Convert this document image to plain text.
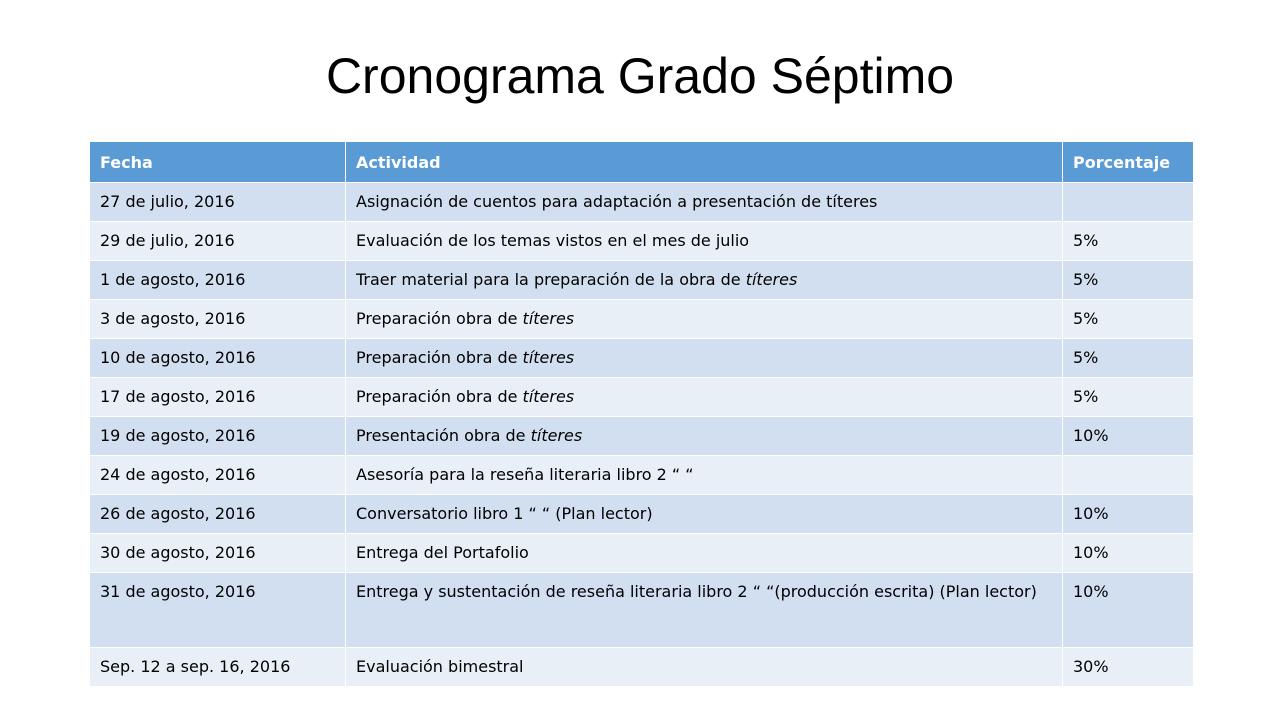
Cronograma Grado Séptimo
Fecha	Actividad	Porcentaje
27 de julio, 2016	Asignación de cuentos para adaptación a presentación de títeres	
29 de julio, 2016	Evaluación de los temas vistos en el mes de julio	5%
1 de agosto, 2016	Traer material para la preparación de la obra de títeres	5%
3 de agosto, 2016	Preparación obra de títeres	5%
10 de agosto, 2016	Preparación obra de títeres	5%
17 de agosto, 2016	Preparación obra de títeres	5%
19 de agosto, 2016	Presentación obra de títeres	10%
24 de agosto, 2016	Asesoría para la reseña literaria libro 2 “ “	
26 de agosto, 2016	Conversatorio libro 1 “ “ (Plan lector)	10%
30 de agosto, 2016	Entrega del Portafolio	10%
31 de agosto, 2016	Entrega y sustentación de reseña literaria libro 2 “ “(producción escrita) (Plan lector)	10%
Sep. 12 a sep. 16, 2016	Evaluación bimestral	30%
